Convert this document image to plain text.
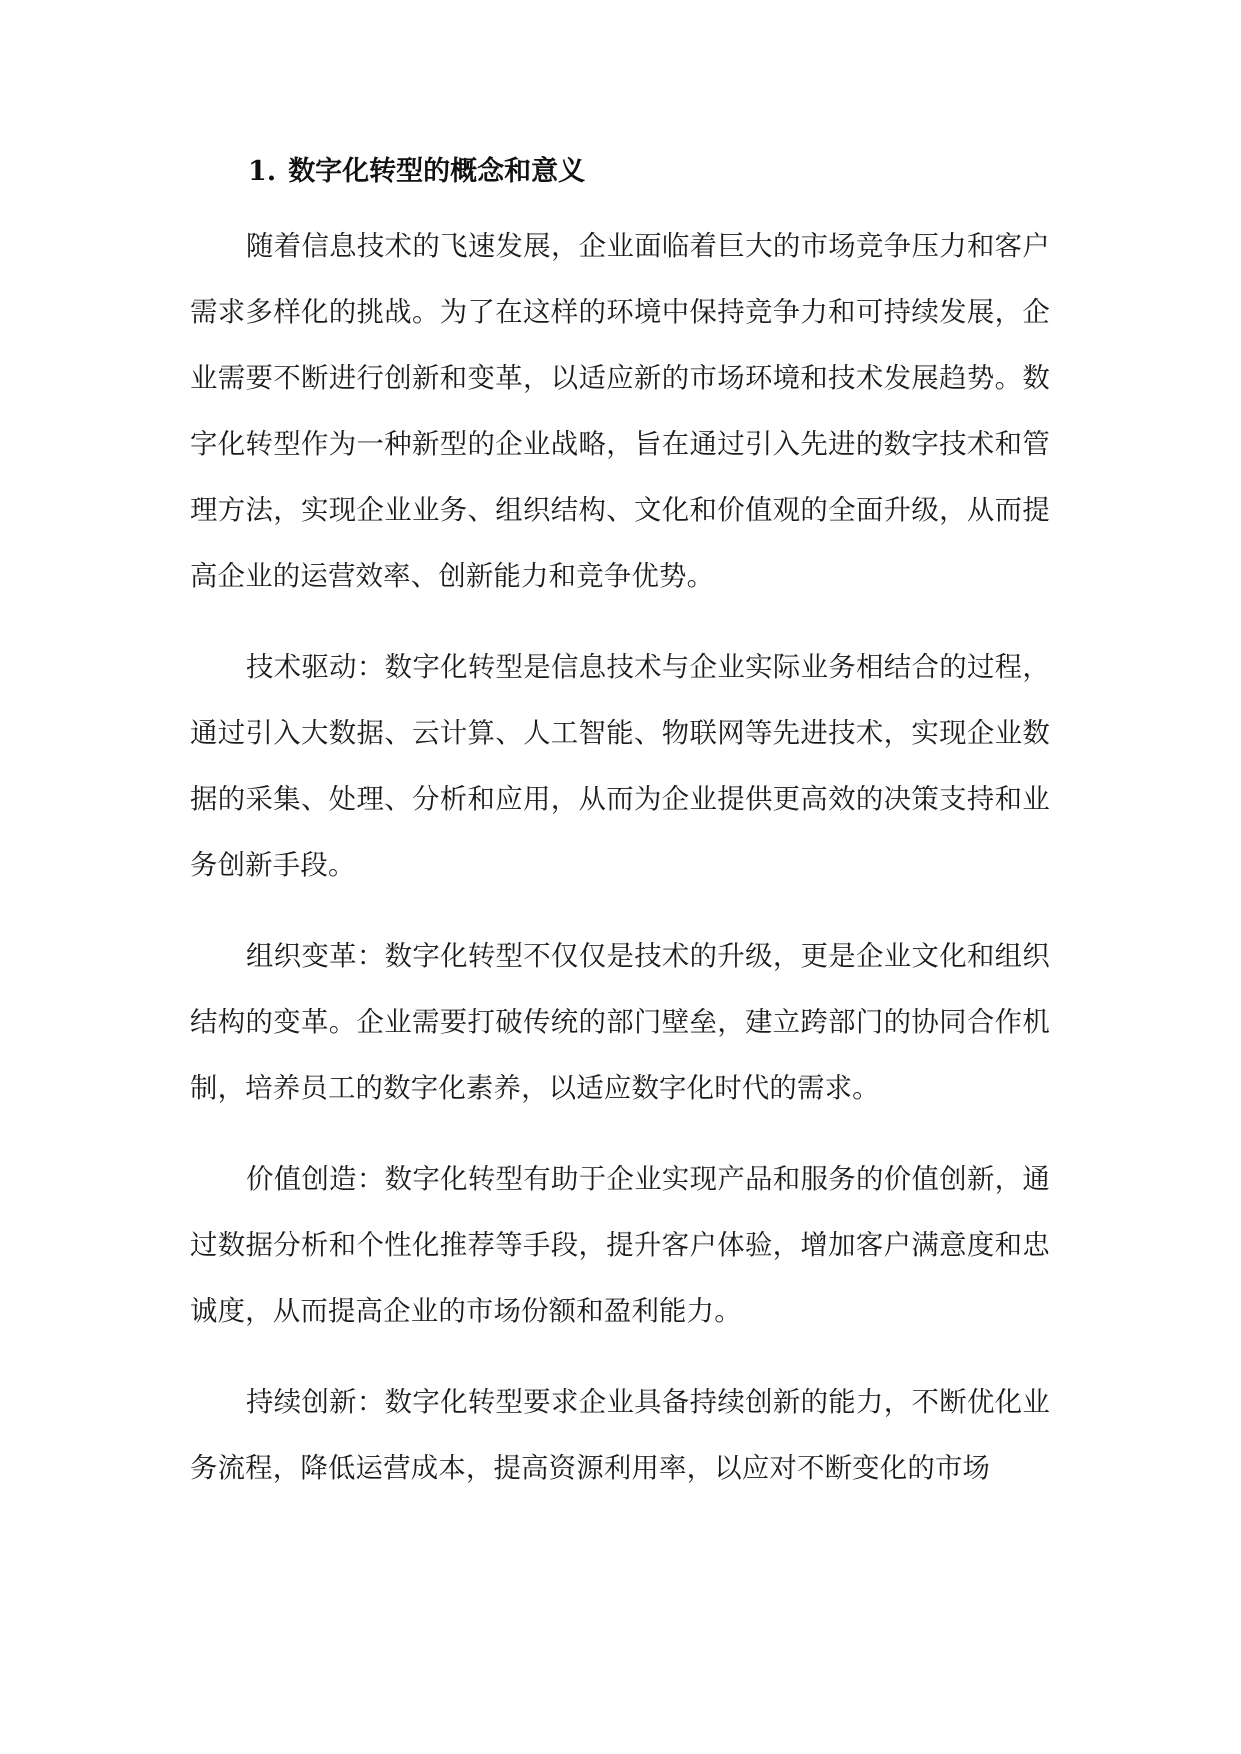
1. 数字化转型的概念和意义

随着信息技术的飞速发展，企业面临着巨大的市场竞争压力和客户需求多样化的挑战。为了在这样的环境中保持竞争力和可持续发展，企业需要不断进行创新和变革，以适应新的市场环境和技术发展趋势。数字化转型作为一种新型的企业战略，旨在通过引入先进的数字技术和管理方法，实现企业业务、组织结构、文化和价值观的全面升级，从而提高企业的运营效率、创新能力和竞争优势。

技术驱动：数字化转型是信息技术与企业实际业务相结合的过程，通过引入大数据、云计算、人工智能、物联网等先进技术，实现企业数据的采集、处理、分析和应用，从而为企业提供更高效的决策支持和业务创新手段。

组织变革：数字化转型不仅仅是技术的升级，更是企业文化和组织结构的变革。企业需要打破传统的部门壁垒，建立跨部门的协同合作机制，培养员工的数字化素养，以适应数字化时代的需求。

价值创造：数字化转型有助于企业实现产品和服务的价值创新，通过数据分析和个性化推荐等手段，提升客户体验，增加客户满意度和忠诚度，从而提高企业的市场份额和盈利能力。

持续创新：数字化转型要求企业具备持续创新的能力，不断优化业务流程，降低运营成本，提高资源利用率，以应对不断变化的市场
